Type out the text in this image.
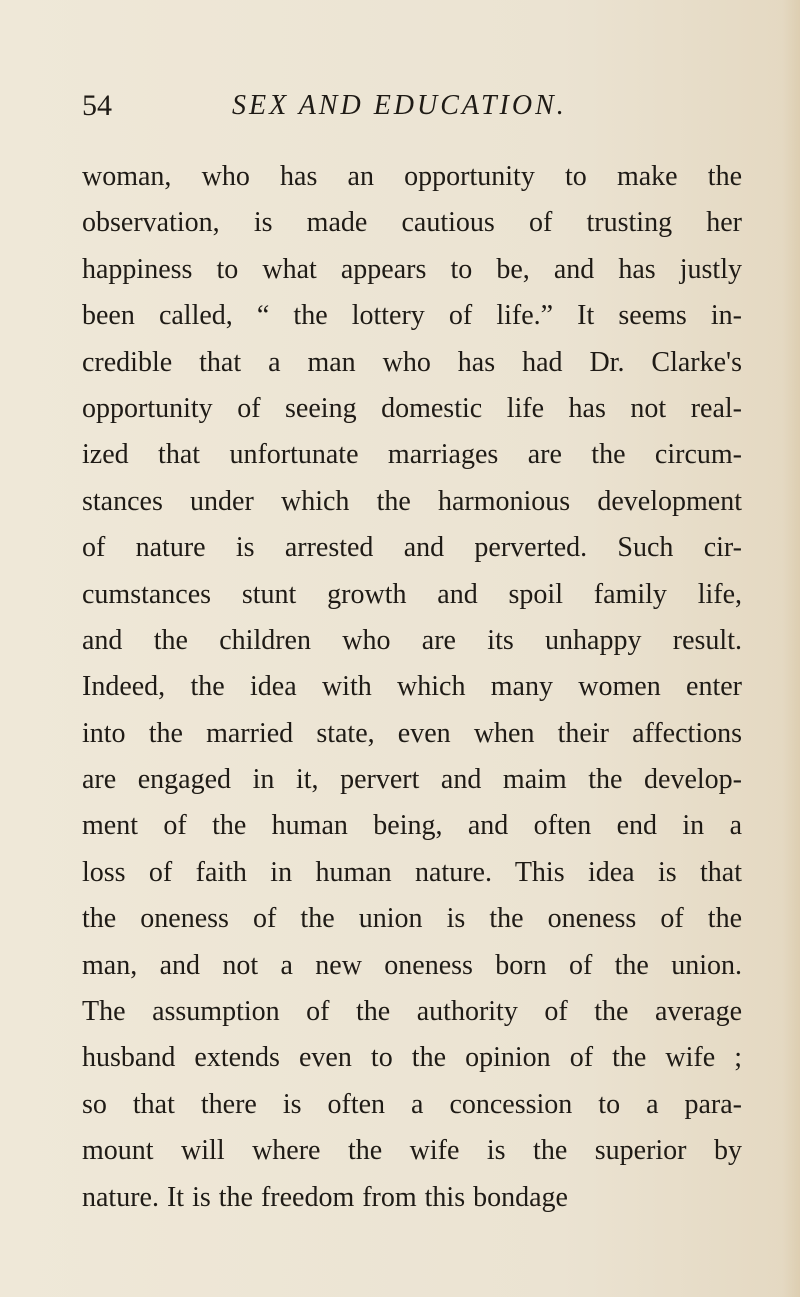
54	SEX AND EDUCATION.
woman, who has an opportunity to make the
observation, is made cautious of trusting her
happiness to what appears to be, and has justly
been called, “ the lottery of life.” It seems in-
credible that a man who has had Dr. Clarke's
opportunity of seeing domestic life has not real-
ized that unfortunate marriages are the circum-
stances under which the harmonious development
of nature is arrested and perverted. Such cir-
cumstances stunt growth and spoil family life,
and the children who are its unhappy result.
Indeed, the idea with which many women enter
into the married state, even when their affections
are engaged in it, pervert and maim the develop-
ment of the human being, and often end in a
loss of faith in human nature. This idea is that
the oneness of the union is the oneness of the
man, and not a new oneness born of the union.
The assumption of the authority of the average
husband extends even to the opinion of the wife ;
so that there is often a concession to a para-
mount will where the wife is the superior by
nature. It is the freedom from this bondage
